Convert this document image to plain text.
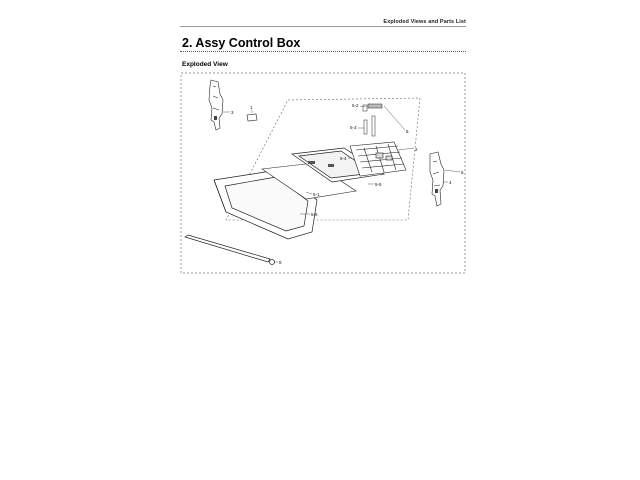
Exploded Views and Parts List
2. Assy Control Box
Exploded View
3
1
5-3
5-2
5
2
5-4
5-5
5-1
5-6
4
6
8
